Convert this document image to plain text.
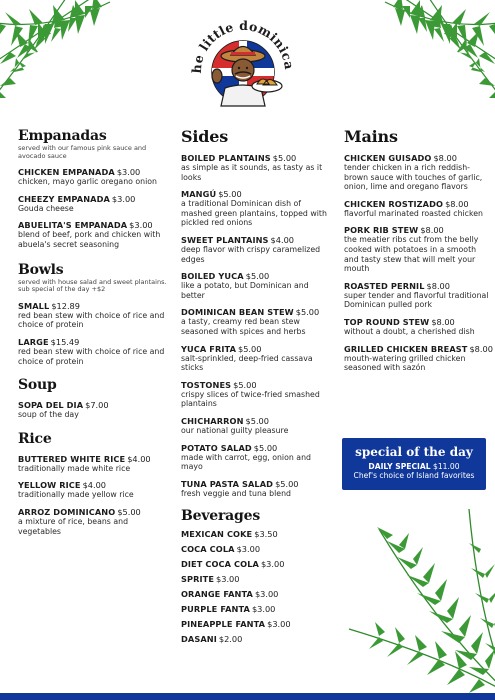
he little dominica
Empanadas
served with our famous pink sauce and avocado sauce
CHICKEN EMPANADA $3.00
chicken, mayo garlic oregano onion
CHEEZY EMPANADA $3.00
Gouda cheese
ABUELITA'S EMPANADA $3.00
blend of beef, pork and chicken with abuela's secret seasoning
Bowls
served with house salad and sweet plantains. sub special of the day +$2
SMALL $12.89
red bean stew with choice of rice and choice of protein
LARGE $15.49
red bean stew with choice of rice and choice of protein
Soup
SOPA DEL DIA $7.00
soup of the day
Rice
BUTTERED WHITE RICE $4.00
traditionally made white rice
YELLOW RICE $4.00
traditionally made yellow rice
ARROZ DOMINICANO $5.00
a mixture of rice, beans and vegetables
Sides
BOILED PLANTAINS $5.00
as simple as it sounds, as tasty as it looks
MANGÚ $5.00
a traditional Dominican dish of mashed green plantains, topped with pickled red onions
SWEET PLANTAINS $4.00
deep flavor with crispy caramelized edges
BOILED YUCA $5.00
like a potato, but Dominican and better
DOMINICAN BEAN STEW $5.00
a tasty, creamy red bean stew seasoned with spices and herbs
YUCA FRITA $5.00
salt-sprinkled, deep-fried cassava sticks
TOSTONES $5.00
crispy slices of twice-fried smashed plantains
CHICHARRON $5.00
our national guilty pleasure
POTATO SALAD $5.00
made with carrot, egg, onion and mayo
TUNA PASTA SALAD $5.00
fresh veggie and tuna blend
Beverages
MEXICAN COKE $3.50
COCA COLA $3.00
DIET COCA COLA $3.00
SPRITE $3.00
ORANGE FANTA $3.00
PURPLE FANTA $3.00
PINEAPPLE FANTA $3.00
DASANI $2.00
Mains
CHICKEN GUISADO $8.00
tender chicken in a rich reddish-brown sauce with touches of garlic, onion, lime and oregano flavors
CHICKEN ROSTIZADO $8.00
flavorful marinated roasted chicken
PORK RIB STEW $8.00
the meatier ribs cut from the belly cooked with potatoes in a smooth and tasty stew that will melt your mouth
ROASTED PERNIL $8.00
super tender and flavorful traditional Dominican pulled pork
TOP ROUND STEW $8.00
without a doubt, a cherished dish
GRILLED CHICKEN BREAST $8.00
mouth-watering grilled chicken seasoned with sazón
special of the day
DAILY SPECIAL $11.00
Chef's choice of Island favorites
